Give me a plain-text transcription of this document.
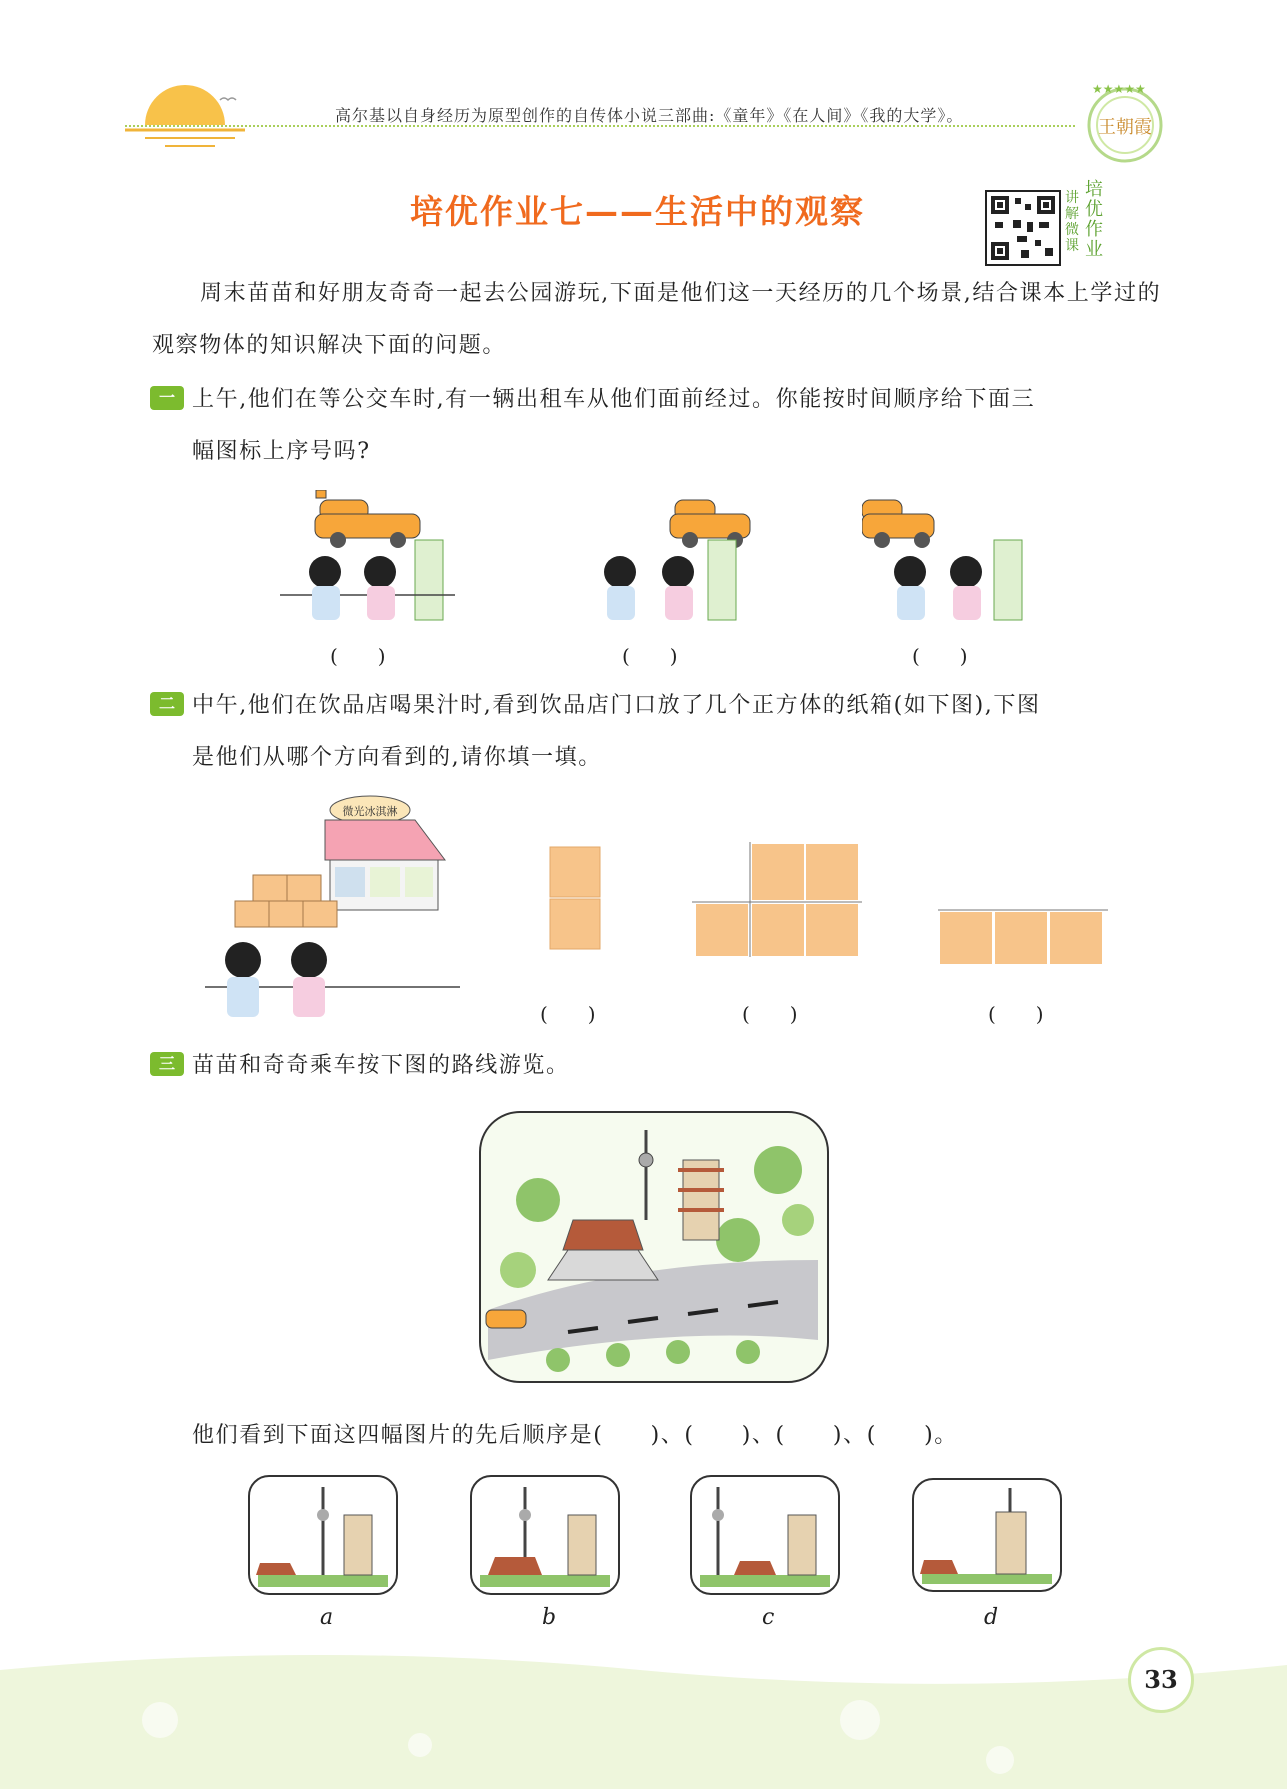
高尔基以自身经历为原型创作的自传体小说三部曲:《童年》《在人间》《我的大学》。
★★★★★
王朝霞
培优作业七——生活中的观察	讲解微课
培优作业
周末苗苗和好朋友奇奇一起去公园游玩,下面是他们这一天经历的几个场景,结合课本上学过的观察物体的知识解决下面的问题。
一 上午,他们在等公交车时,有一辆出租车从他们面前经过。你能按时间顺序给下面三
幅图标上序号吗?
(　　)	(　　)	(　　)
二 中午,他们在饮品店喝果汁时,看到饮品店门口放了几个正方体的纸箱(如下图),下图
是他们从哪个方向看到的,请你填一填。
微光冰淇淋
(　　)	(　　)	(　　)
三 苗苗和奇奇乘车按下图的路线游览。
他们看到下面这四幅图片的先后顺序是(　　)、(　　)、(　　)、(　　)。
a	b	c	d
33
